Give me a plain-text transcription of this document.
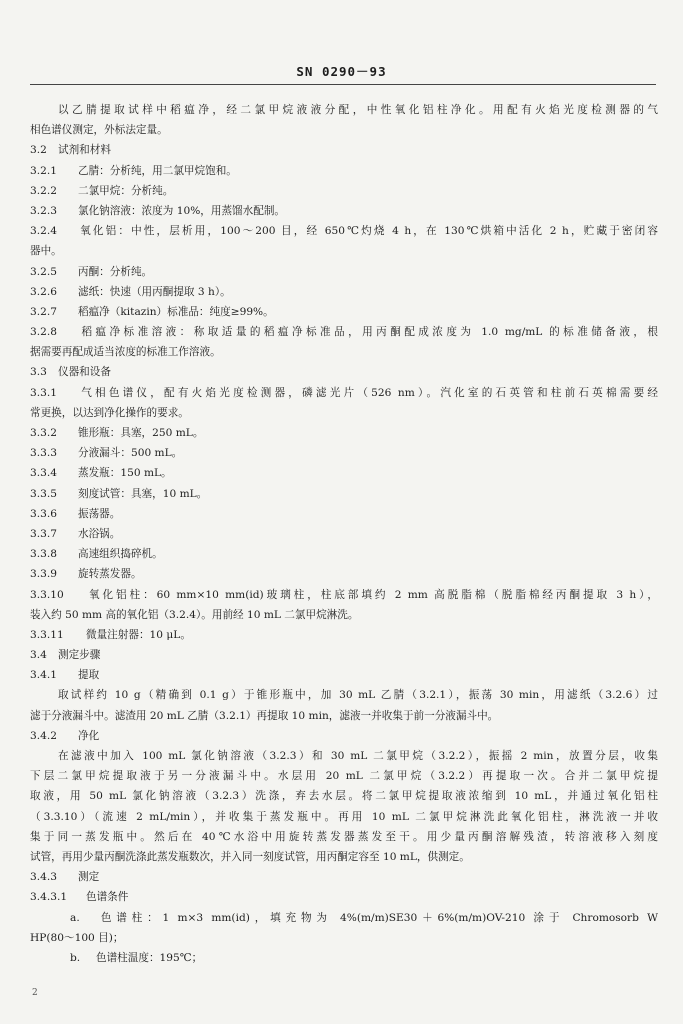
SN 0290－93
以乙腈提取试样中稻瘟净，经二氯甲烷液液分配，中性氧化铝柱净化。用配有火焰光度检测器的气
相色谱仪测定，外标法定量。
3.2 试剂和材料
3.2.1 乙腈：分析纯，用二氯甲烷饱和。
3.2.2 二氯甲烷：分析纯。
3.2.3 氯化钠溶液：浓度为 10%，用蒸馏水配制。
3.2.4 氧化铝：中性，层析用，100～200 目，经 650℃灼烧 4 h，在 130℃烘箱中活化 2 h，贮藏于密闭容
器中。
3.2.5 丙酮：分析纯。
3.2.6 滤纸：快速（用丙酮提取 3 h）。
3.2.7 稻瘟净（kitazin）标准品：纯度≥99%。
3.2.8 稻瘟净标准溶液：称取适量的稻瘟净标准品，用丙酮配成浓度为 1.0 mg/mL 的标准储备液，根
据需要再配成适当浓度的标准工作溶液。
3.3 仪器和设备
3.3.1 气相色谱仪，配有火焰光度检测器，磷滤光片（526 nm）。汽化室的石英管和柱前石英棉需要经
常更换，以达到净化操作的要求。
3.3.2 锥形瓶：具塞，250 mL。
3.3.3 分液漏斗：500 mL。
3.3.4 蒸发瓶：150 mL。
3.3.5 刻度试管：具塞，10 mL。
3.3.6 振荡器。
3.3.7 水浴锅。
3.3.8 高速组织捣碎机。
3.3.9 旋转蒸发器。
3.3.10 氧化铝柱：60 mm×10 mm(id)玻璃柱，柱底部填约 2 mm 高脱脂棉（脱脂棉经丙酮提取 3 h），
装入约 50 mm 高的氧化铝（3.2.4）。用前经 10 mL 二氯甲烷淋洗。
3.3.11 微量注射器：10 μL。
3.4 测定步骤
3.4.1 提取
取试样约 10 g（精确到 0.1 g）于锥形瓶中，加 30 mL 乙腈（3.2.1），振荡 30 min，用滤纸（3.2.6）过
滤于分液漏斗中。滤渣用 20 mL 乙腈（3.2.1）再提取 10 min，滤液一并收集于前一分液漏斗中。
3.4.2 净化
在滤液中加入 100 mL 氯化钠溶液（3.2.3）和 30 mL 二氯甲烷（3.2.2），振摇 2 min，放置分层，收集
下层二氯甲烷提取液于另一分液漏斗中。水层用 20 mL 二氯甲烷（3.2.2）再提取一次。合并二氯甲烷提
取液，用 50 mL 氯化钠溶液（3.2.3）洗涤，弃去水层。将二氯甲烷提取液浓缩到 10 mL，并通过氧化铝柱
（3.3.10）（流速 2 mL/min），并收集于蒸发瓶中。再用 10 mL 二氯甲烷淋洗此氧化铝柱，淋洗液一并收
集于同一蒸发瓶中。然后在 40℃水浴中用旋转蒸发器蒸发至干。用少量丙酮溶解残渣，转溶液移入刻度
试管，再用少量丙酮洗涤此蒸发瓶数次，并入同一刻度试管，用丙酮定容至 10 mL，供测定。
3.4.3 测定
3.4.3.1 色谱条件
a. 色谱柱：1 m×3 mm(id)，填充物为 4%(m/m)SE30＋6%(m/m)OV-210 涂于 Chromosorb W
HP(80～100 目)；
b. 色谱柱温度：195℃；
2
